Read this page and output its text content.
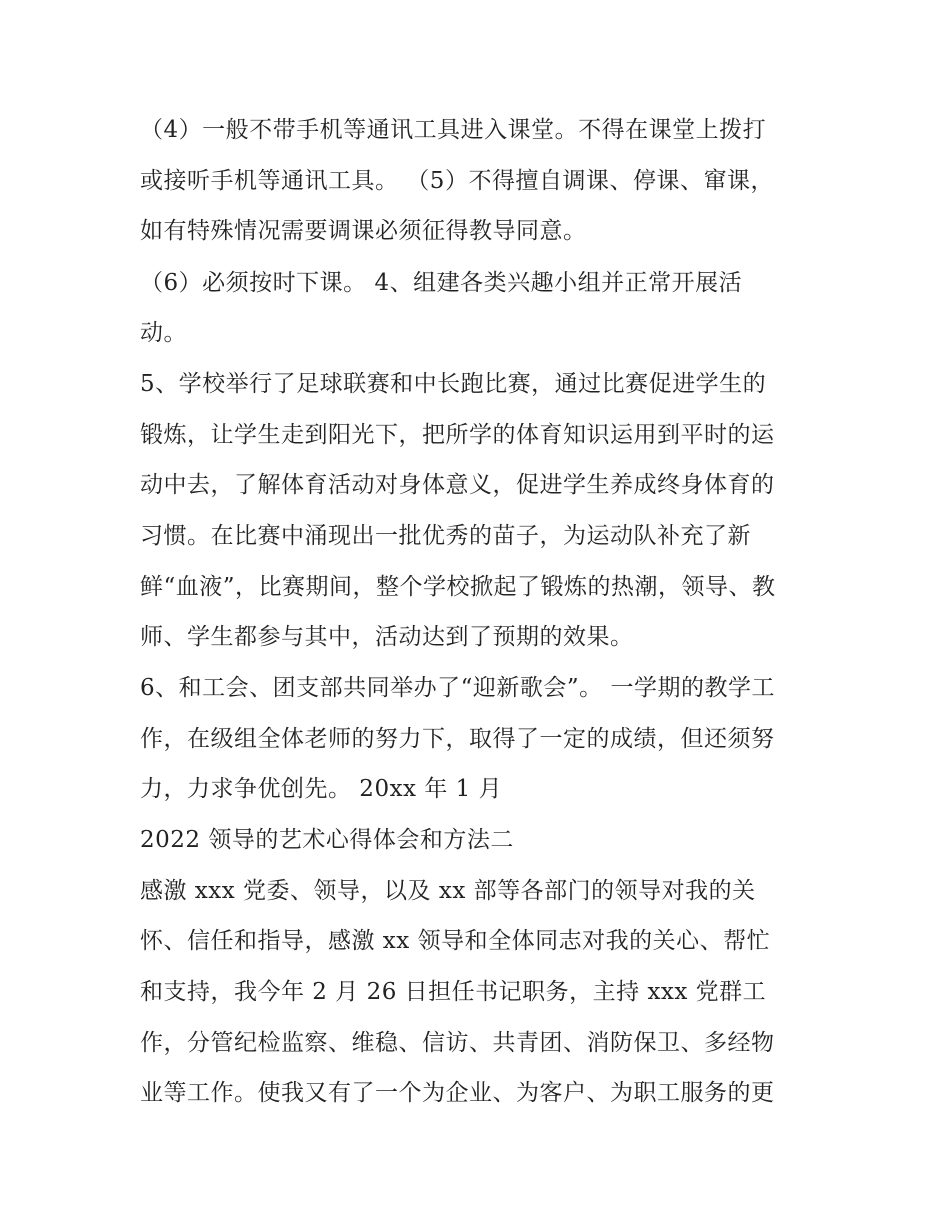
（4）一般不带手机等通讯工具进入课堂。不得在课堂上拨打

或接听手机等通讯工具。 （5）不得擅自调课、停课、窜课，

如有特殊情况需要调课必须征得教导同意。

（6）必须按时下课。 4、组建各类兴趣小组并正常开展活

动。

5、学校举行了足球联赛和中长跑比赛，通过比赛促进学生的

锻炼，让学生走到阳光下，把所学的体育知识运用到平时的运

动中去，了解体育活动对身体意义，促进学生养成终身体育的

习惯。在比赛中涌现出一批优秀的苗子，为运动队补充了新

鲜“血液”，比赛期间，整个学校掀起了锻炼的热潮，领导、教

师、学生都参与其中，活动达到了预期的效果。

6、和工会、团支部共同举办了“迎新歌会”。 一学期的教学工

作，在级组全体老师的努力下，取得了一定的成绩，但还须努

力，力求争优创先。 20xx 年 1 月

2022 领导的艺术心得体会和方法二

感激 xxx 党委、领导，以及 xx 部等各部门的领导对我的关

怀、信任和指导，感激 xx 领导和全体同志对我的关心、帮忙

和支持，我今年 2 月 26 日担任书记职务，主持 xxx 党群工

作，分管纪检监察、维稳、信访、共青团、消防保卫、多经物

业等工作。使我又有了一个为企业、为客户、为职工服务的更
